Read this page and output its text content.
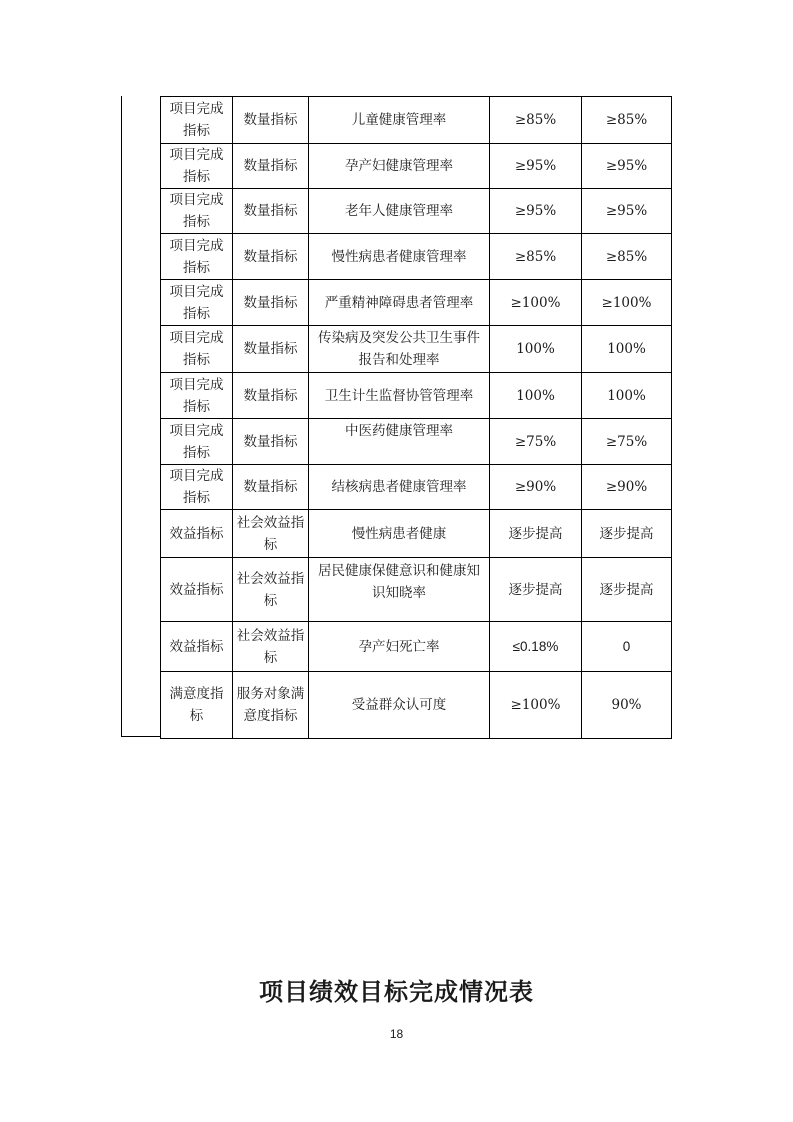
项目完成指标	数量指标	儿童健康管理率	≥85%	≥85%
项目完成指标	数量指标	孕产妇健康管理率	≥95%	≥95%
项目完成指标	数量指标	老年人健康管理率	≥95%	≥95%
项目完成指标	数量指标	慢性病患者健康管理率	≥85%	≥85%
项目完成指标	数量指标	严重精神障碍患者管理率	≥100%	≥100%
项目完成指标	数量指标	传染病及突发公共卫生事件报告和处理率	100%	100%
项目完成指标	数量指标	卫生计生监督协管管理率	100%	100%
项目完成指标	数量指标	中医药健康管理率	≥75%	≥75%
项目完成指标	数量指标	结核病患者健康管理率	≥90%	≥90%
效益指标	社会效益指标	慢性病患者健康	逐步提高	逐步提高
效益指标	社会效益指标	居民健康保健意识和健康知识知晓率	逐步提高	逐步提高
效益指标	社会效益指标	孕产妇死亡率	≤0.18%	0
满意度指标	服务对象满意度指标	受益群众认可度	≥100%	90%
项目绩效目标完成情况表
18
